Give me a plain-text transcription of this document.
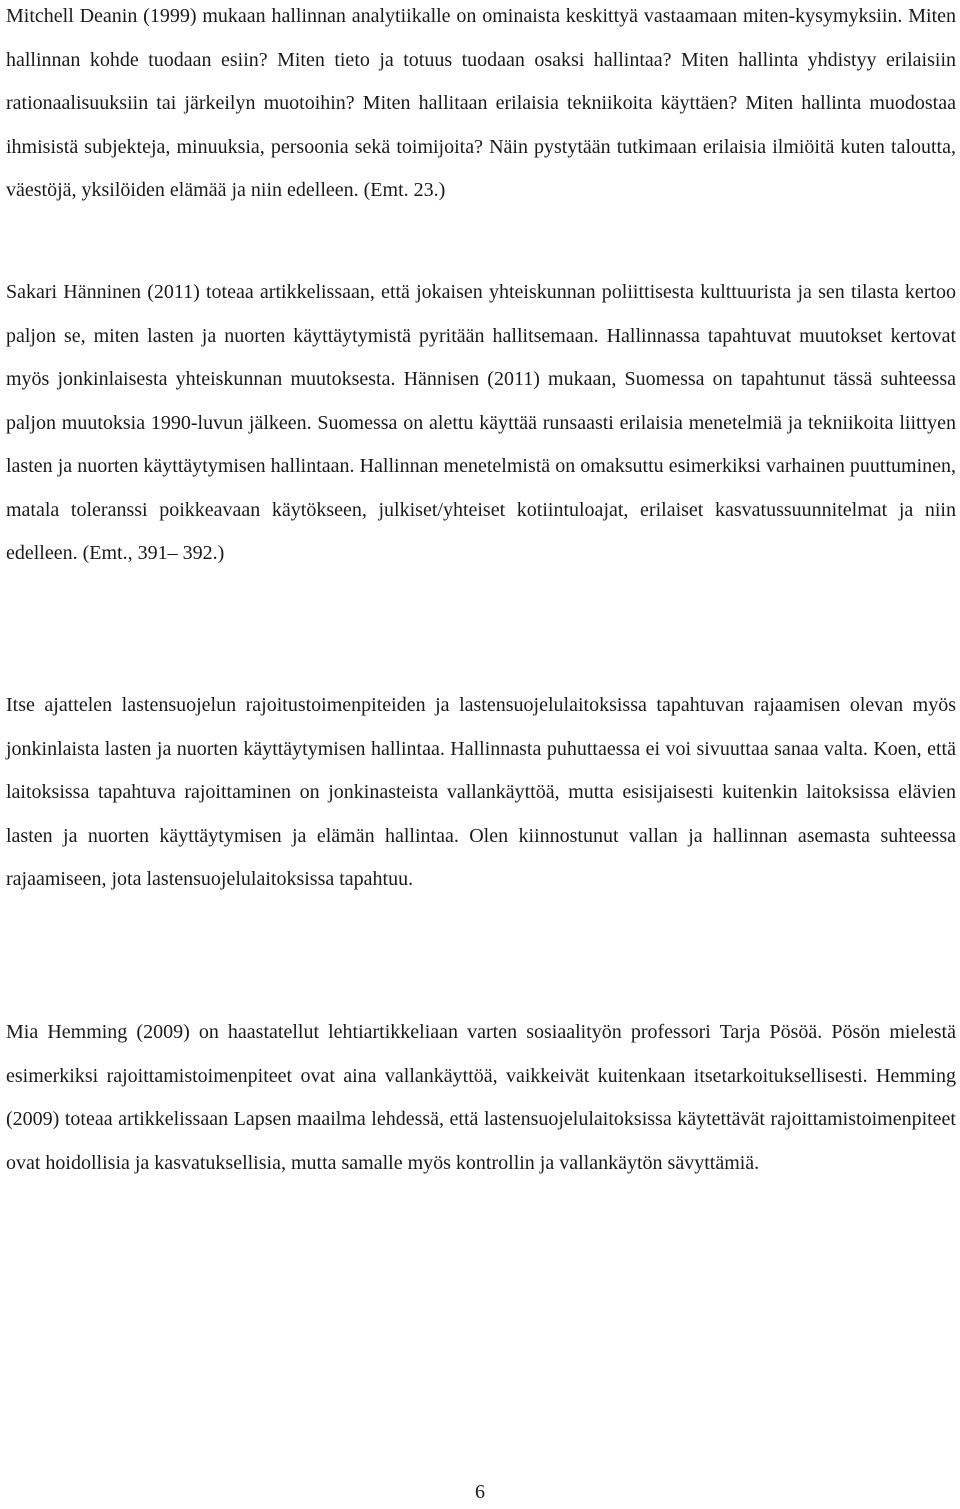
Mitchell Deanin (1999) mukaan hallinnan analytiikalle on ominaista keskittyä vastaamaan miten-kysymyksiin. Miten hallinnan kohde tuodaan esiin? Miten tieto ja totuus tuodaan osaksi hallintaa? Miten hallinta yhdistyy erilaisiin rationaalisuuksiin tai järkeilyn muotoihin? Miten hallitaan erilaisia tekniikoita käyttäen? Miten hallinta muodostaa ihmisistä subjekteja, minuuksia, persoonia sekä toimijoita? Näin pystytään tutkimaan erilaisia ilmiöitä kuten taloutta, väestöjä, yksilöiden elämää ja niin edelleen. (Emt. 23.)

Sakari Hänninen (2011) toteaa artikkelissaan, että jokaisen yhteiskunnan poliittisesta kulttuurista ja sen tilasta kertoo paljon se, miten lasten ja nuorten käyttäytymistä pyritään hallitsemaan. Hallinnassa tapahtuvat muutokset kertovat myös jonkinlaisesta yhteiskunnan muutoksesta. Hännisen (2011) mukaan, Suomessa on tapahtunut tässä suhteessa paljon muutoksia 1990-luvun jälkeen. Suomessa on alettu käyttää runsaasti erilaisia menetelmiä ja tekniikoita liittyen lasten ja nuorten käyttäytymisen hallintaan. Hallinnan menetelmistä on omaksuttu esimerkiksi varhainen puuttuminen, matala toleranssi poikkeavaan käytökseen, julkiset/yhteiset kotiintuloajat, erilaiset kasvatussuunnitelmat ja niin edelleen. (Emt., 391– 392.)

Itse ajattelen lastensuojelun rajoitustoimenpiteiden ja lastensuojelulaitoksissa tapahtuvan rajaamisen olevan myös jonkinlaista lasten ja nuorten käyttäytymisen hallintaa. Hallinnasta puhuttaessa ei voi sivuuttaa sanaa valta. Koen, että laitoksissa tapahtuva rajoittaminen on jonkinasteista vallankäyttöä, mutta esisijaisesti kuitenkin laitoksissa elävien lasten ja nuorten käyttäytymisen ja elämän hallintaa. Olen kiinnostunut vallan ja hallinnan asemasta suhteessa rajaamiseen, jota lastensuojelulaitoksissa tapahtuu.

Mia Hemming (2009) on haastatellut lehtiartikkeliaan varten sosiaalityön professori Tarja Pösöä. Pösön mielestä esimerkiksi rajoittamistoimenpiteet ovat aina vallankäyttöä, vaikkeivät kuitenkaan itsetarkoituksellisesti. Hemming (2009) toteaa artikkelissaan Lapsen maailma lehdessä, että lastensuojelulaitoksissa käytettävät rajoittamistoimenpiteet ovat hoidollisia ja kasvatuksellisia, mutta samalle myös kontrollin ja vallankäytön sävyttämiä.

6
